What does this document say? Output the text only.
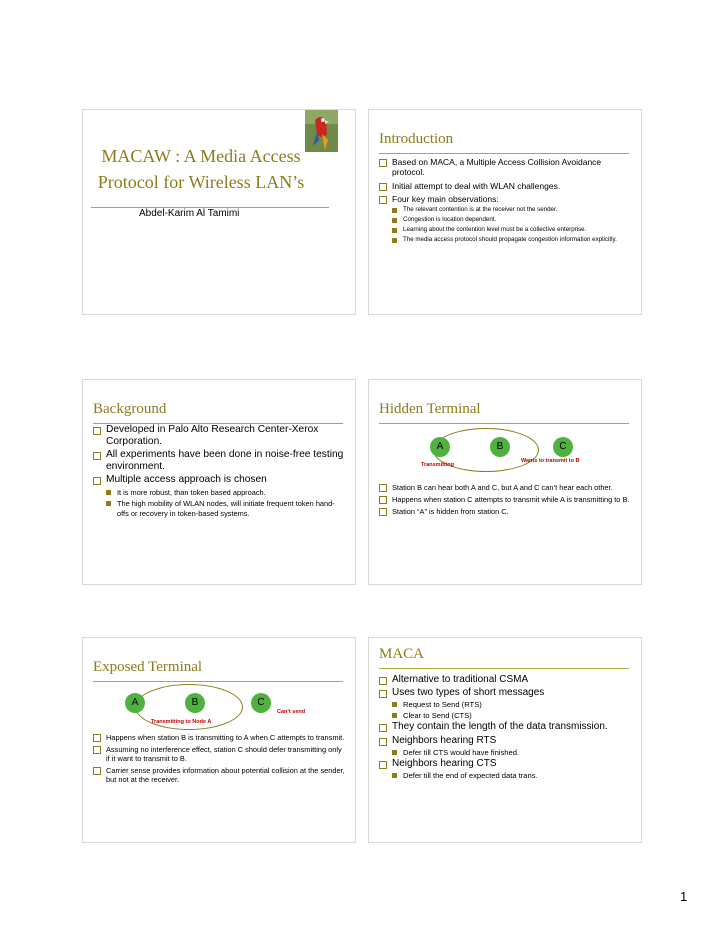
MACAW : A Media Access
Protocol for Wireless LAN’s
Abdel-Karim Al Tamimi
Introduction
Based on MACA, a Multiple Access Collision Avoidance protocol.
Initial attempt to deal with WLAN challenges.
Four key main observations:
The relevant contention is at the receiver not the sender.
Congestion is location dependent.
Learning about the contention level must be a collective enterprise.
The media access protocol should propagate congestion information explicitly.
Background
Developed in Palo Alto Research Center-Xerox Corporation.
All experiments have been done in noise-free testing environment.
Multiple access approach is chosen
It is more robust, than token based approach.
The high mobility of WLAN nodes, will initiate frequent token hand-offs or recovery in token-based systems.
Hidden Terminal
A	B	C
Transmitting
Wants to transmit to B
Station B can hear both A and C, but A and C can’t hear each other.
Happens when station C attempts to transmit while A is transmitting to B.
Station “A” is hidden from station C.
Exposed Terminal
A	B	C
Transmitting to Node A
Can’t send
Happens when station B is transmitting to A when C attempts to transmit.
Assuming no interference effect, station C should defer transmitting only if it want to transmit to B.
Carrier sense provides information about potential collision at the sender, but not at the receiver.
MACA
Alternative to traditional CSMA
Uses two types of short messages
Request to Send (RTS)
Clear to Send (CTS)
They contain the length of the data transmission.
Neighbors hearing RTS
Defer till CTS would have finished.
Neighbors hearing CTS
Defer till the end of expected data trans.
1
